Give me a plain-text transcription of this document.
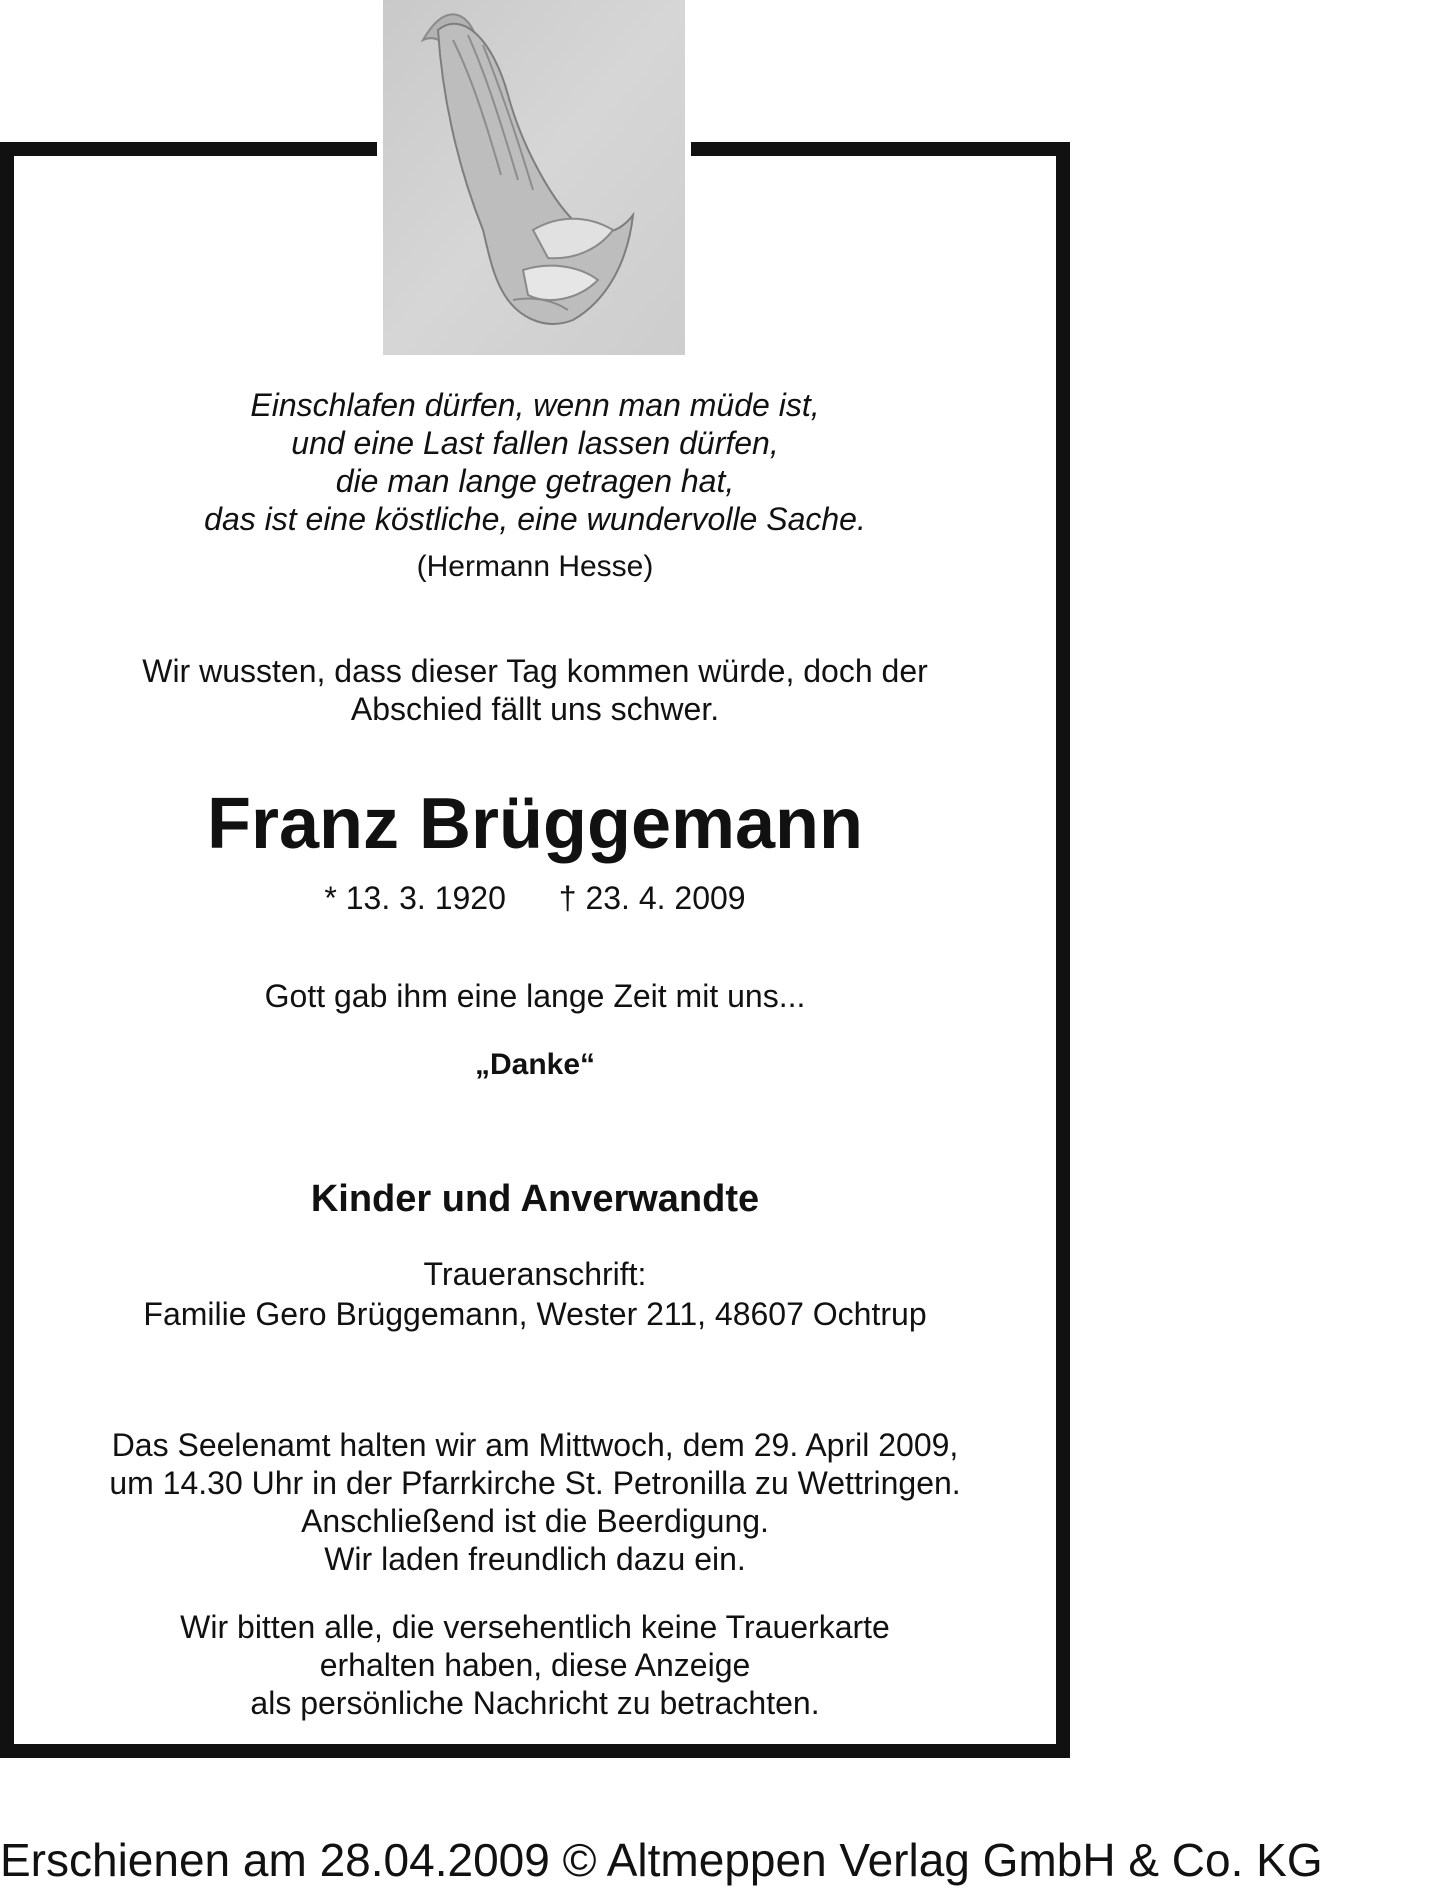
Einschlafen dürfen, wenn man müde ist,
und eine Last fallen lassen dürfen,
die man lange getragen hat,
das ist eine köstliche, eine wundervolle Sache.
(Hermann Hesse)
Wir wussten, dass dieser Tag kommen würde, doch der
Abschied fällt uns schwer.
Franz Brüggemann
* 13. 3. 1920 † 23. 4. 2009
Gott gab ihm eine lange Zeit mit uns...
„Danke“
Kinder und Anverwandte
Traueranschrift:
Familie Gero Brüggemann, Wester 211, 48607 Ochtrup
Das Seelenamt halten wir am Mittwoch, dem 29. April 2009,
um 14.30 Uhr in der Pfarrkirche St. Petronilla zu Wettringen.
Anschließend ist die Beerdigung.
Wir laden freundlich dazu ein.
Wir bitten alle, die versehentlich keine Trauerkarte
erhalten haben, diese Anzeige
als persönliche Nachricht zu betrachten.
Erschienen am 28.04.2009 © Altmeppen Verlag GmbH & Co. KG
